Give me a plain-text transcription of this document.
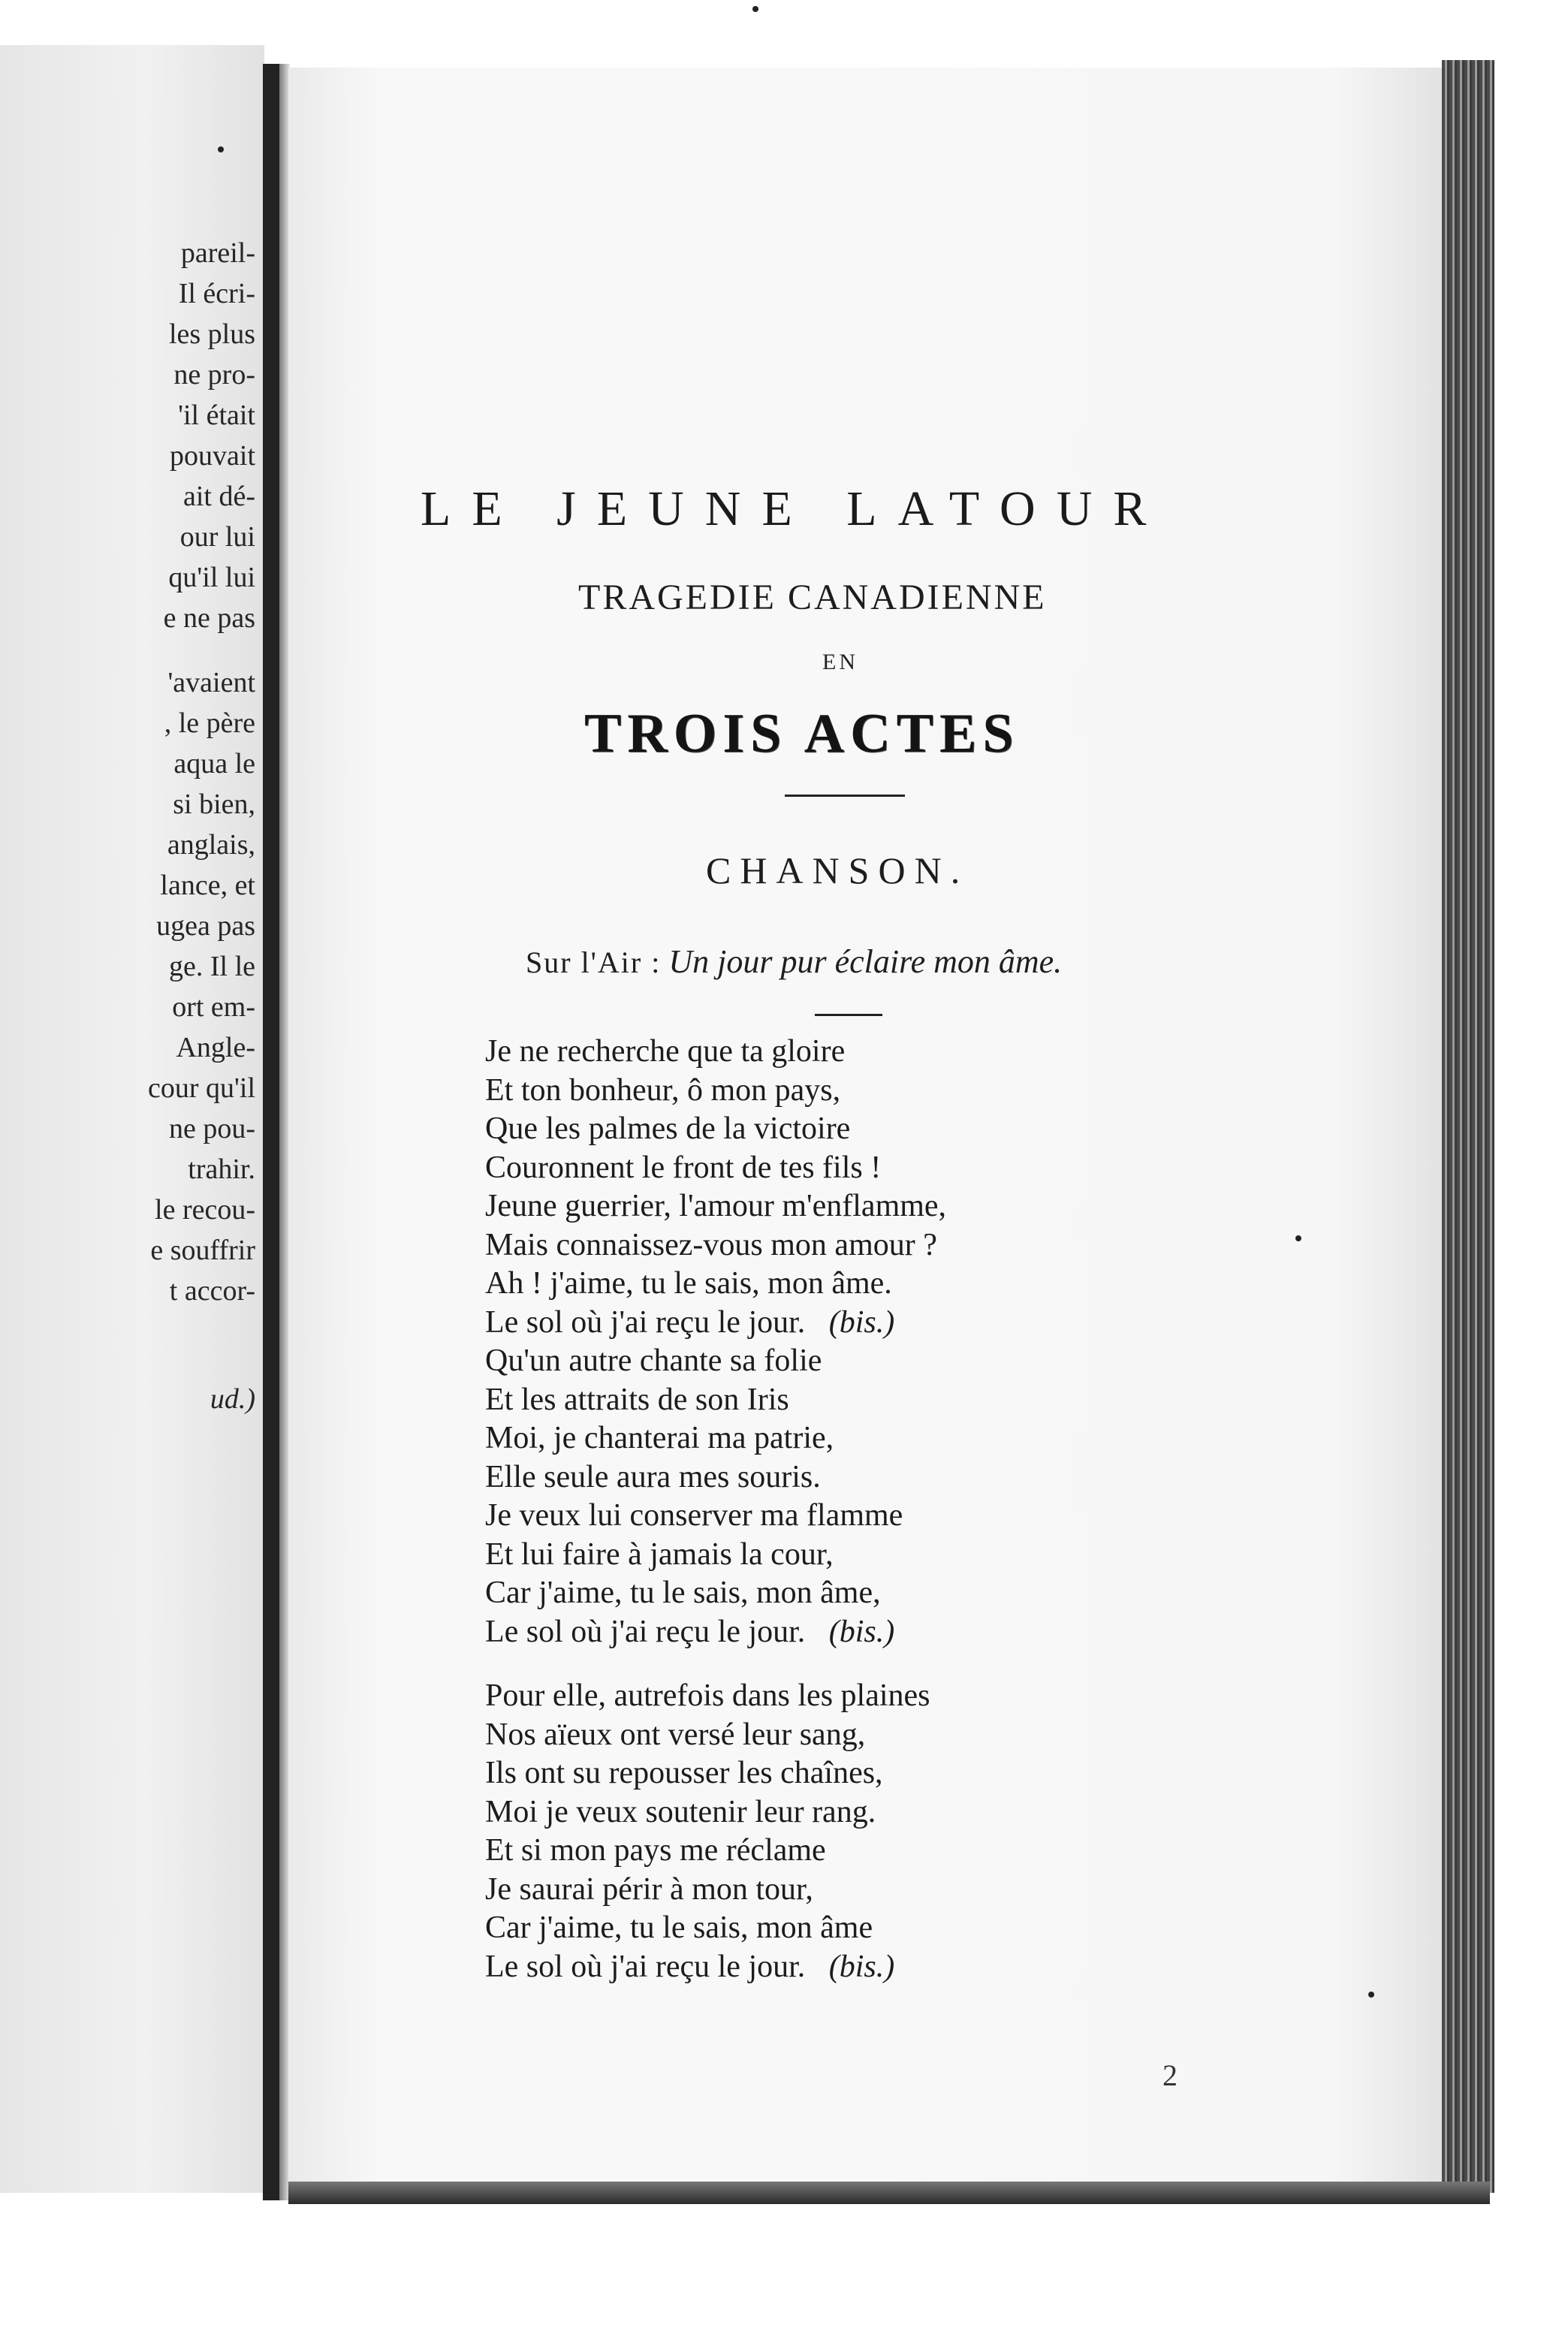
pareil-
Il écri-
les plus
ne pro-
'il était
pouvait
ait dé-
our lui
qu'il lui
e ne pas
'avaient
, le père
aqua le
si bien,
anglais,
lance, et
ugea pas
ge. Il le
ort em-
Angle-
cour qu'il
ne pou-
trahir.
le recou-
e souffrir
t accor-
ud.)
LE JEUNE LATOUR
TRAGEDIE CANADIENNE
EN
TROIS ACTES
CHANSON.
Sur l'Air : Un jour pur éclaire mon âme.
Je ne recherche que ta gloire
Et ton bonheur, ô mon pays,
Que les palmes de la victoire
Couronnent le front de tes fils !
Jeune guerrier, l'amour m'enflamme,
Mais connaissez-vous mon amour ?
Ah ! j'aime, tu le sais, mon âme.
Le sol où j'ai reçu le jour. (bis.)
Qu'un autre chante sa folie
Et les attraits de son Iris
Moi, je chanterai ma patrie,
Elle seule aura mes souris.
Je veux lui conserver ma flamme
Et lui faire à jamais la cour,
Car j'aime, tu le sais, mon âme,
Le sol où j'ai reçu le jour. (bis.)
Pour elle, autrefois dans les plaines
Nos aïeux ont versé leur sang,
Ils ont su repousser les chaînes,
Moi je veux soutenir leur rang.
Et si mon pays me réclame
Je saurai périr à mon tour,
Car j'aime, tu le sais, mon âme
Le sol où j'ai reçu le jour. (bis.)
2
